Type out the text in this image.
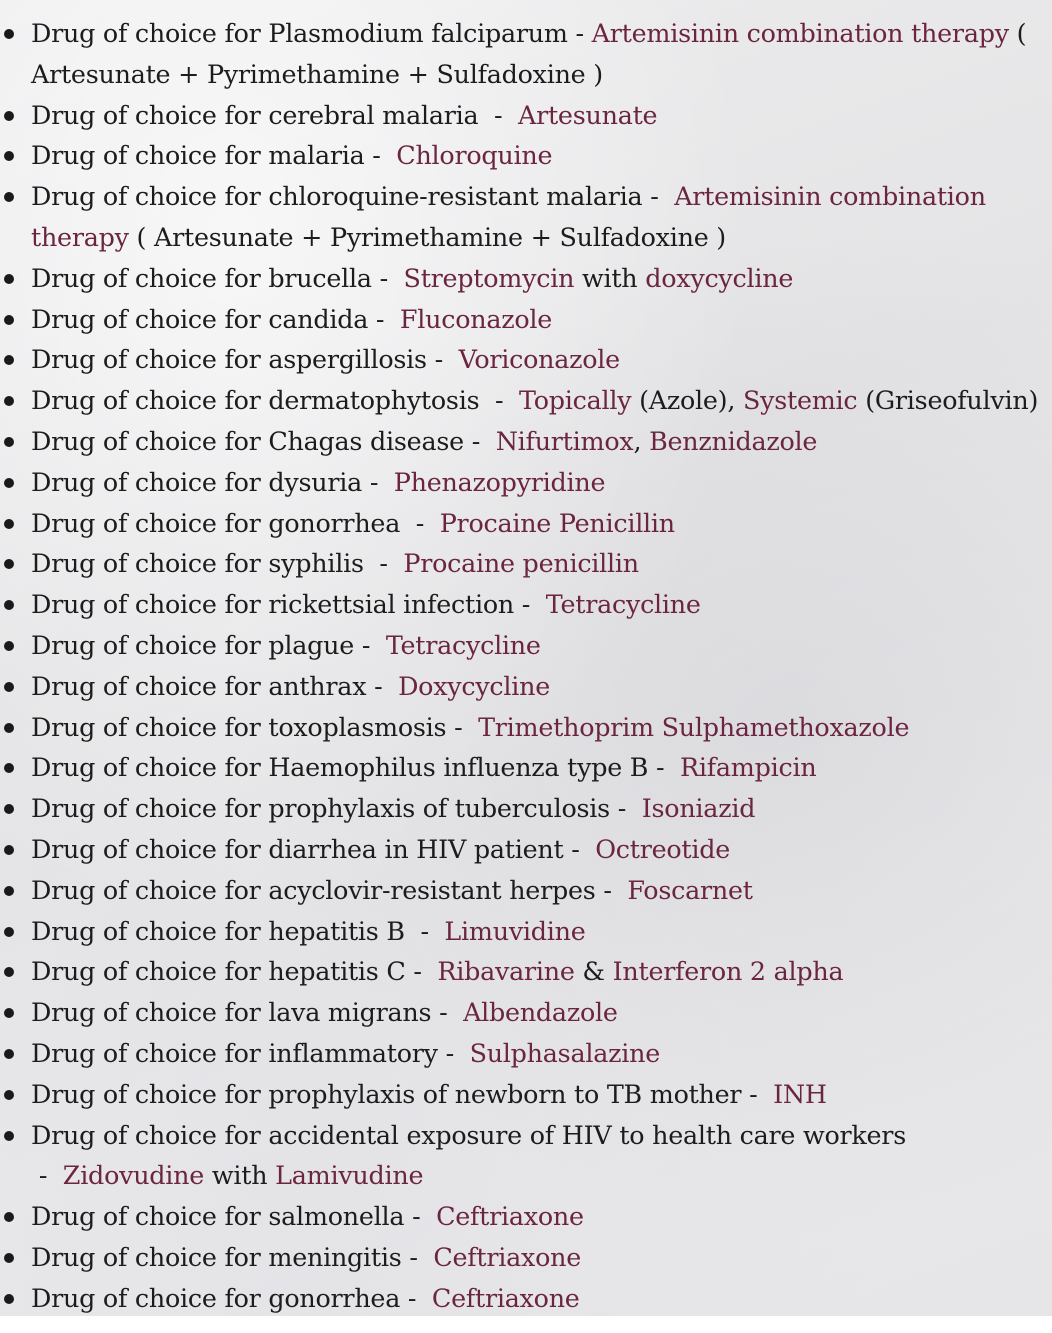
Drug of choice for Plasmodium falciparum - Artemisinin combination therapy ( Artesunate + Pyrimethamine + Sulfadoxine )
Drug of choice for cerebral malaria  -  Artesunate
Drug of choice for malaria -  Chloroquine
Drug of choice for chloroquine-resistant malaria -  Artemisinin combination therapy ( Artesunate + Pyrimethamine + Sulfadoxine )
Drug of choice for brucella -  Streptomycin with doxycycline
Drug of choice for candida -  Fluconazole
Drug of choice for aspergillosis -  Voriconazole
Drug of choice for dermatophytosis  -  Topically (Azole), Systemic (Griseofulvin)
Drug of choice for Chagas disease -  Nifurtimox, Benznidazole
Drug of choice for dysuria -  Phenazopyridine
Drug of choice for gonorrhea  -  Procaine Penicillin
Drug of choice for syphilis  -  Procaine penicillin
Drug of choice for rickettsial infection -  Tetracycline
Drug of choice for plague -  Tetracycline
Drug of choice for anthrax -  Doxycycline
Drug of choice for toxoplasmosis -  Trimethoprim Sulphamethoxazole
Drug of choice for Haemophilus influenza type B -  Rifampicin
Drug of choice for prophylaxis of tuberculosis -  Isoniazid
Drug of choice for diarrhea in HIV patient -  Octreotide
Drug of choice for acyclovir-resistant herpes -  Foscarnet
Drug of choice for hepatitis B  -  Limuvidine
Drug of choice for hepatitis C -  Ribavarine & Interferon 2 alpha
Drug of choice for lava migrans -  Albendazole
Drug of choice for inflammatory -  Sulphasalazine
Drug of choice for prophylaxis of newborn to TB mother -  INH
Drug of choice for accidental exposure of HIV to health care workers -  Zidovudine with Lamivudine
Drug of choice for salmonella -  Ceftriaxone
Drug of choice for meningitis -  Ceftriaxone
Drug of choice for gonorrhea -  Ceftriaxone
